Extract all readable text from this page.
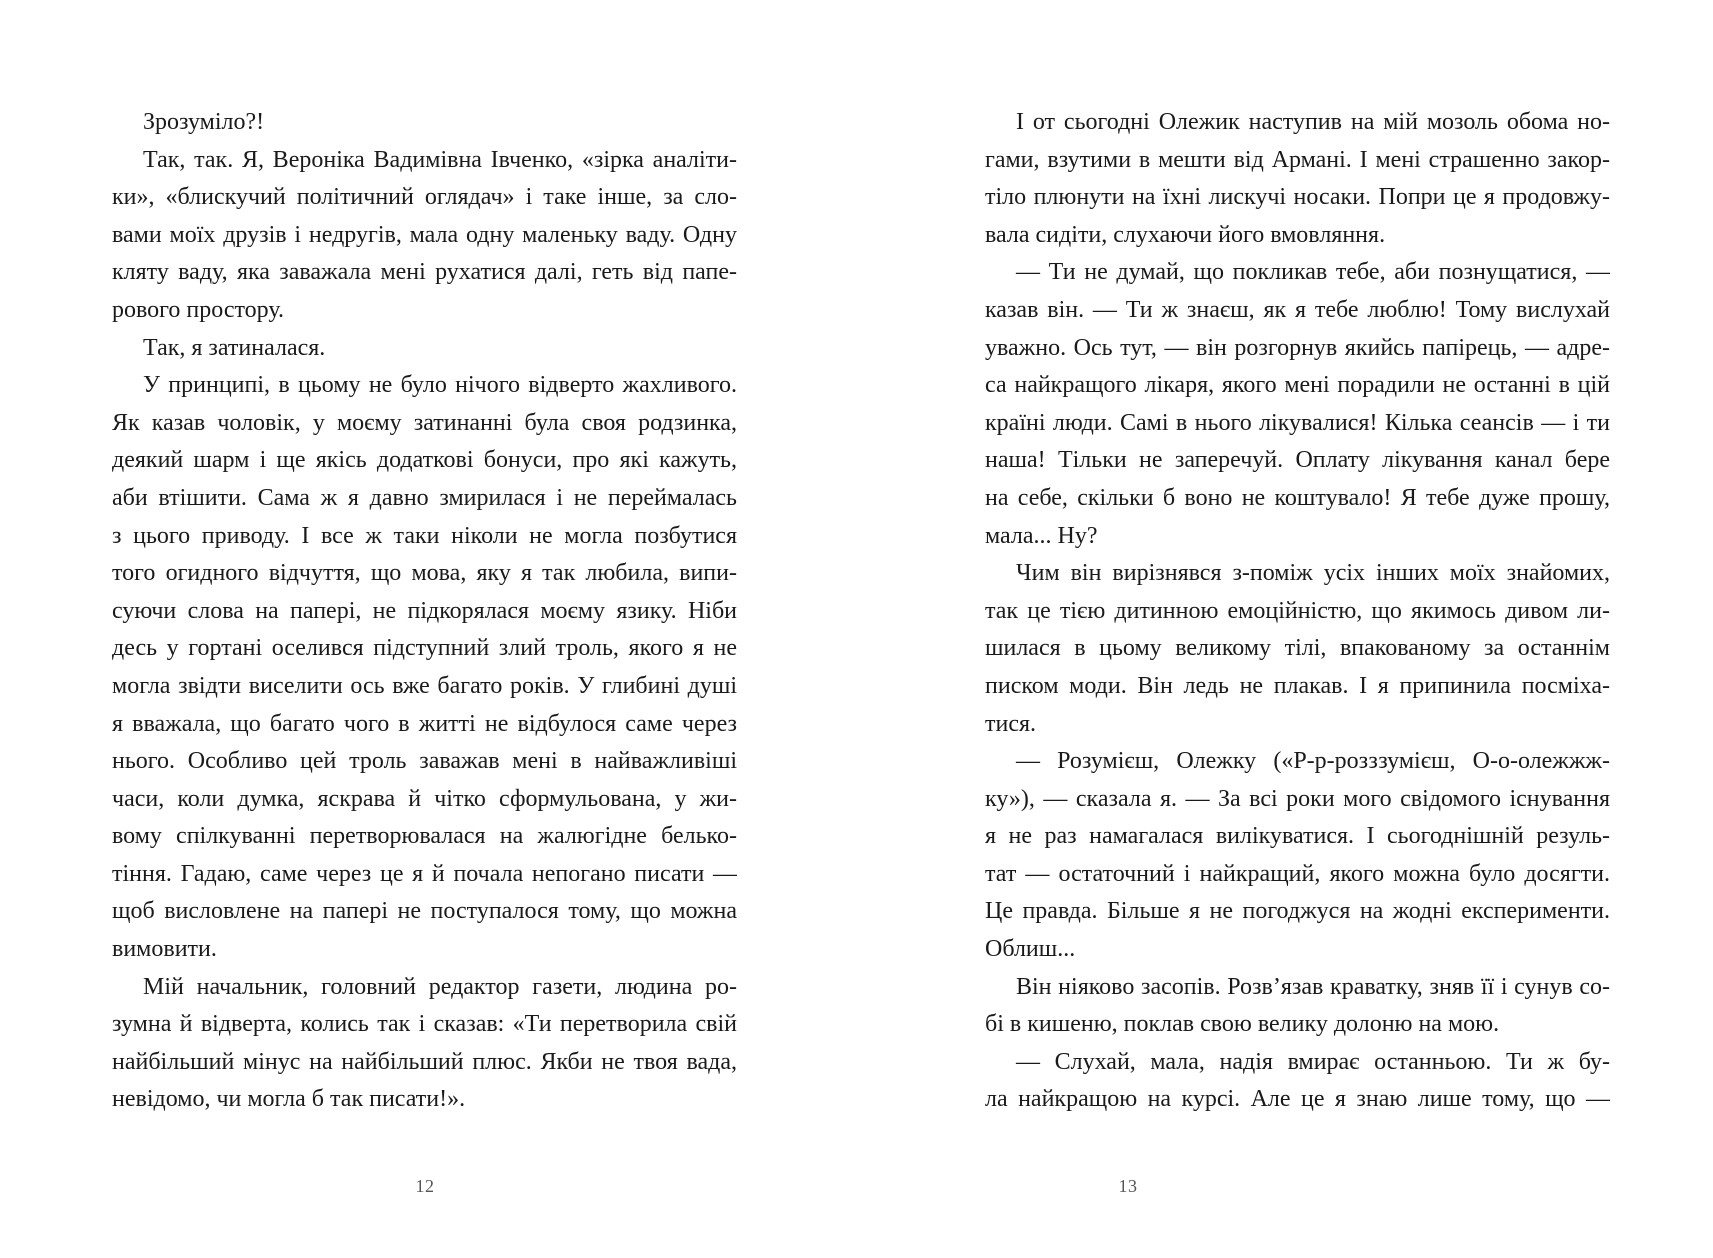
Зрозуміло?!
Так, так. Я, Вероніка Вадимівна Івченко, «зірка аналіти-
ки», «блискучий політичний оглядач» і таке інше, за сло-
вами моїх друзів і недругів, мала одну маленьку ваду. Одну
кляту ваду, яка заважала мені рухатися далі, геть від папе-
рового простору.
Так, я затиналася.
У принципі, в цьому не було нічого відверто жахливого.
Як казав чоловік, у моєму затинанні була своя родзинка,
деякий шарм і ще якісь додаткові бонуси, про які кажуть,
аби втішити. Сама ж я давно змирилася і не переймалась
з цього приводу. І все ж таки ніколи не могла позбутися
того огидного відчуття, що мова, яку я так любила, випи-
суючи слова на папері, не підкорялася моєму язику. Ніби
десь у гортані оселився підступний злий троль, якого я не
могла звідти виселити ось вже багато років. У глибині душі
я вважала, що багато чого в житті не відбулося саме через
нього. Особливо цей троль заважав мені в найважливіші
часи, коли думка, яскрава й чітко сформульована, у жи-
вому спілкуванні перетворювалася на жалюгідне белько-
тіння. Гадаю, саме через це я й почала непогано писати —
щоб висловлене на папері не поступалося тому, що можна
вимовити.
Мій начальник, головний редактор газети, людина ро-
зумна й відверта, колись так і сказав: «Ти перетворила свій
найбільший мінус на найбільший плюс. Якби не твоя вада,
невідомо, чи могла б так писати!».
12
І от сьогодні Олежик наступив на мій мозоль обома но-
гами, взутими в мешти від Армані. І мені страшенно закор-
тіло плюнути на їхні лискучі носаки. Попри це я продовжу-
вала сидіти, слухаючи його вмовляння.
— Ти не думай, що покликав тебе, аби познущатися, —
казав він. — Ти ж знаєш, як я тебе люблю! Тому вислухай
уважно. Ось тут, — він розгорнув якийсь папірець, — адре-
са найкращого лікаря, якого мені порадили не останні в цій
країні люди. Самі в нього лікувалися! Кілька сеансів — і ти
наша! Тільки не заперечуй. Оплату лікування канал бере
на себе, скільки б воно не коштувало! Я тебе дуже прошу,
мала... Ну?
Чим він вирізнявся з-поміж усіх інших моїх знайомих,
так це тією дитинною емоційністю, що якимось дивом ли-
шилася в цьому великому тілі, впакованому за останнім
писком моди. Він ледь не плакав. І я припинила посміха-
тися.
— Розумієш, Олежку («Р-р-розззумієш, О-о-олежжж-
ку»), — сказала я. — За всі роки мого свідомого існування
я не раз намагалася вилікуватися. І сьогоднішній резуль-
тат — остаточний і найкращий, якого можна було досягти.
Це правда. Більше я не погоджуся на жодні експерименти.
Облиш...
Він ніяково засопів. Розв’язав краватку, зняв її і сунув со-
бі в кишеню, поклав свою велику долоню на мою.
— Слухай, мала, надія вмирає останньою. Ти ж бу-
ла найкращою на курсі. Але це я знаю лише тому, що —
13
